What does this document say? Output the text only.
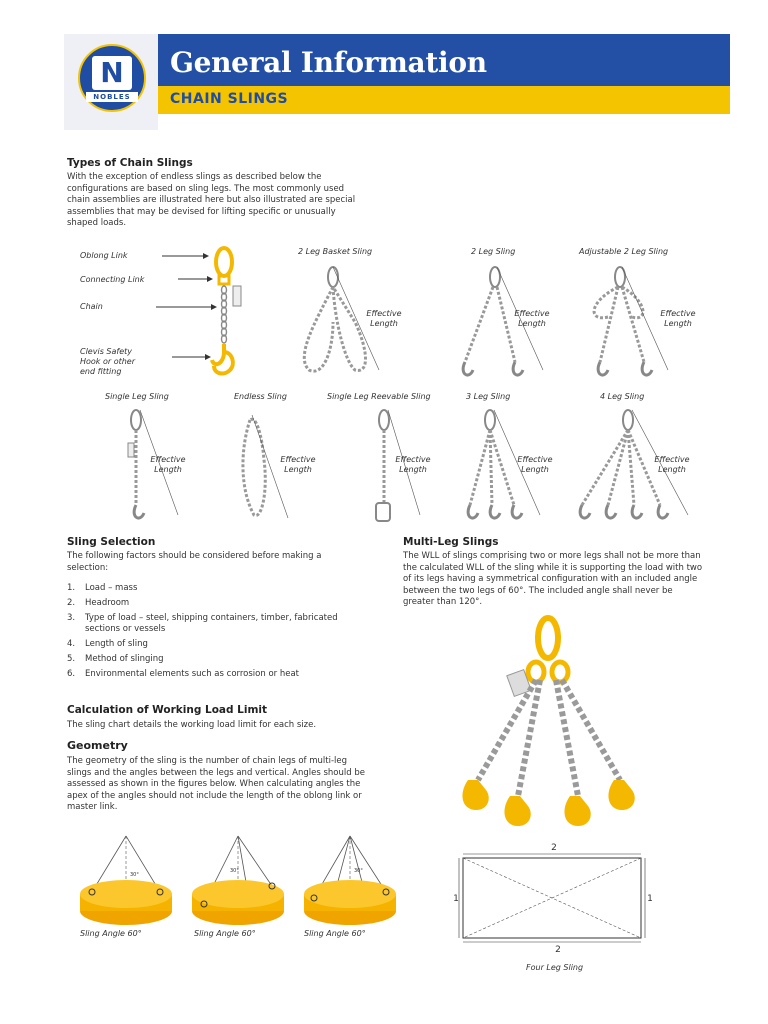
N
NOBLES
General Information
CHAIN SLINGS
Types of Chain Slings

With the exception of endless slings as described below the configurations are based on sling legs. The most commonly used chain assemblies are illustrated here but also illustrated are special assemblies that may be devised for lifting specific or unusually shaped loads.

Oblong Link
Connecting Link
Chain
Clevis Safety
Hook or other
end fitting
2 Leg Basket Sling	2 Leg Sling	Adjustable 2 Leg Sling
Effective
Length
Effective
Length
Effective
Length
Single Leg Sling	Endless Sling	Single Leg Reevable Sling	3 Leg Sling	4 Leg Sling
Effective
Length
Effective
Length
Effective
Length
Effective
Length
Effective
Length
Sling Selection

The following factors should be considered before making a selection:

1. Load – mass
2. Headroom
3. Type of load – steel, shipping containers, timber, fabricated sections or vessels
4. Length of sling
5. Method of slinging
6. Environmental elements such as corrosion or heat
Calculation of Working Load Limit

The sling chart details the working load limit for each size.

Geometry

The geometry of the sling is the number of chain legs of multi-leg slings and the angles between the legs and vertical. Angles should be assessed as shown in the figures below. When calculating angles the apex of the angles should not include the length of the oblong link or master link.

30°
30°	30°
Sling Angle 60°	Sling Angle 60°	Sling Angle 60°
Multi-Leg Slings

The WLL of slings comprising two or more legs shall not be more than the calculated WLL of the sling while it is supporting the load with two of its legs having a symmetrical configuration with an included angle between the two legs of 60°. The included angle shall never be greater than 120°.

2
2
1	1
Four Leg Sling
